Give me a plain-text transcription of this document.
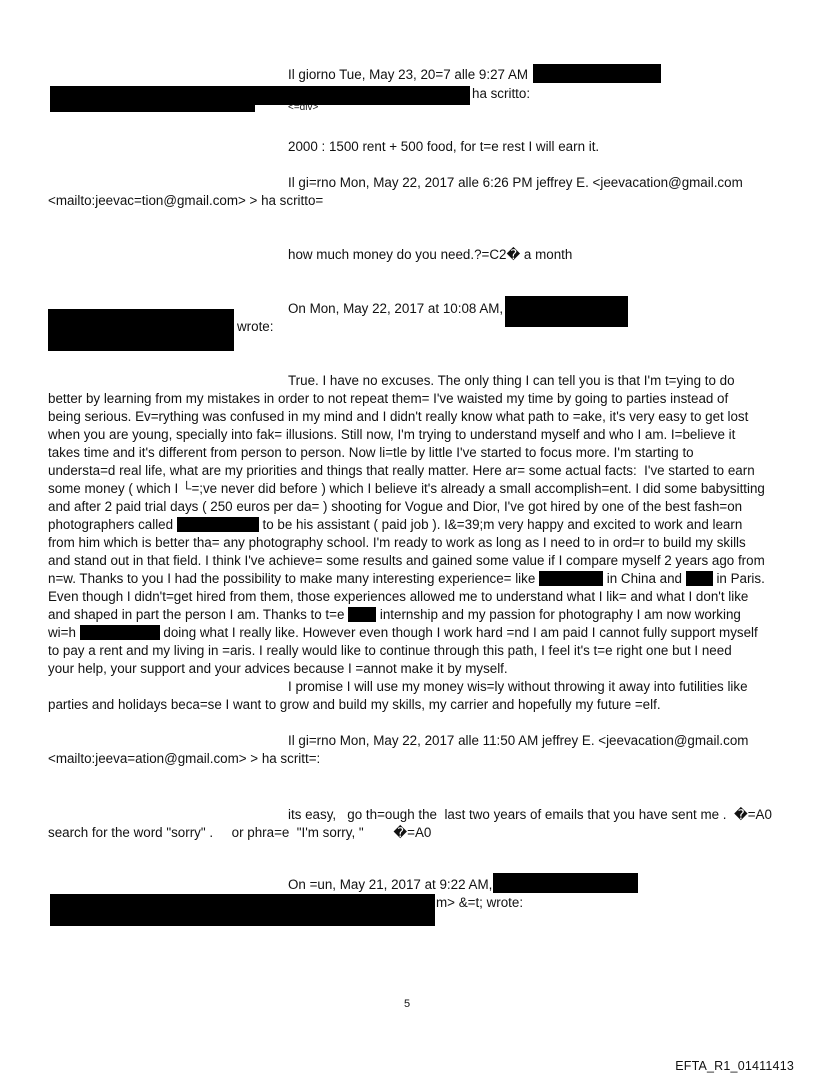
Il giorno Tue, May 23, 20=7 alle 9:27 AM
ha scritto:
<=div>
2000 : 1500 rent + 500 food, for t=e rest I will earn it.
Il gi=rno Mon, May 22, 2017 alle 6:26 PM jeffrey E. <jeevacation@gmail.com
<mailto:jeevac=tion@gmail.com> > ha scritto=
how much money do you need.?=C2� a month
On Mon, May 22, 2017 at 10:08 AM,
wrote:
True. I have no excuses. The only thing I can tell you is that I'm t=ying to do
better by learning from my mistakes in order to not repeat them= I've waisted my time by going to parties instead of
being serious. Ev=rything was confused in my mind and I didn't really know what path to =ake, it's very easy to get lost
when you are young, specially into fak= illusions. Still now, I'm trying to understand myself and who I am. I=believe it
takes time and it's different from person to person. Now li=tle by little I've started to focus more. I'm starting to
understa=d real life, what are my priorities and things that really matter. Here ar= some actual facts:  I've started to earn
some money ( which I └=;ve never did before ) which I believe it's already a small accomplish=ent. I did some babysitting
and after 2 paid trial days ( 250 euros per da= ) shooting for Vogue and Dior, I've got hired by one of the best fash=on
photographers called	to be his assistant ( paid job ). I&=39;m very happy and excited to work and learn
from him which is better tha= any photography school. I'm ready to work as long as I need to in ord=r to build my skills
and stand out in that field. I think I've achieve= some results and gained some value if I compare myself 2 years ago from
n=w. Thanks to you I had the possibility to make many interesting experience= like	in China and	in Paris.
Even though I didn't=get hired from them, those experiences allowed me to understand what I lik= and what I don't like
and shaped in part the person I am. Thanks to t=e	internship and my passion for photography I am now working
wi=h	doing what I really like. However even though I work hard =nd I am paid I cannot fully support myself
to pay a rent and my living in =aris. I really would like to continue through this path, I feel it's t=e right one but I need
your help, your support and your advices because I =annot make it by myself.
I promise I will use my money wis=ly without throwing it away into futilities like
parties and holidays beca=se I want to grow and build my skills, my carrier and hopefully my future =elf.
Il gi=rno Mon, May 22, 2017 alle 11:50 AM jeffrey E. <jeevacation@gmail.com
<mailto:jeeva=ation@gmail.com> > ha scritt=:
its easy,   go th=ough the  last two years of emails that you have sent me .  �=A0
search for the word "sorry" .     or phra=e  "I'm sorry, "        �=A0
On =un, May 21, 2017 at 9:22 AM,
m> &=t; wrote:
5
EFTA_R1_01411413
